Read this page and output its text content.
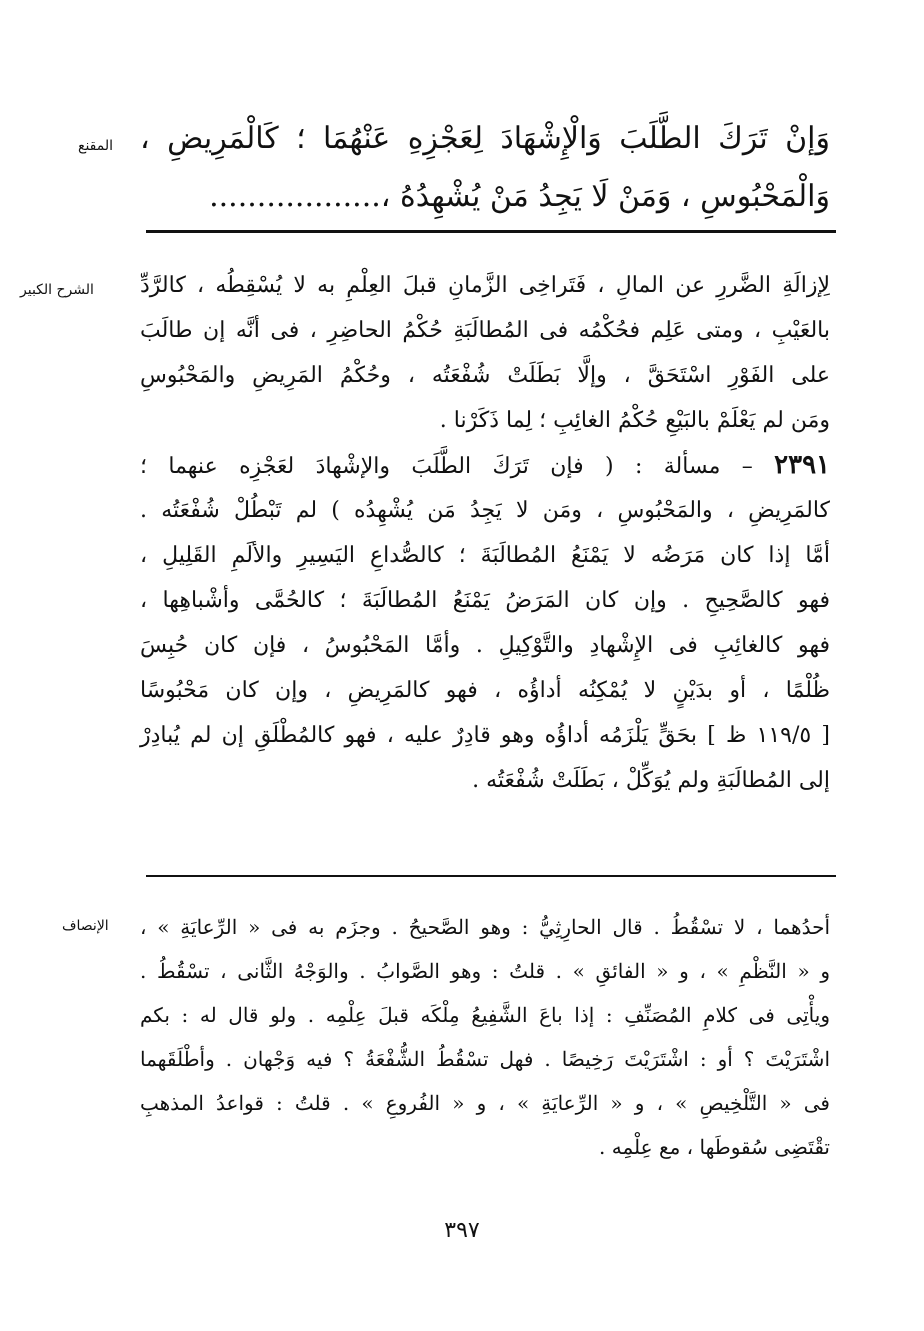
المقنع وَإنْ تَرَكَ الطَّلَبَ وَالْإِشْهَادَ لِعَجْزِهِ عَنْهُمَا ؛ كَالْمَرِيضِ ،
وَالْمَحْبُوسِ ، وَمَنْ لَا يَجِدُ مَنْ يُشْهِدُهُ ،..................
الشرح الكبير لِإزالَةِ الضَّررِ عن المالِ ، فَتَراخِى الزَّمانِ قبلَ العِلْمِ به لا يُسْقِطُه ، كالرَّدِّ
بالعَيْبِ ، ومتى عَلِم فحُكْمُه فى المُطالَبَةِ حُكْمُ الحاضِرِ ، فى أنَّه إن طالَبَ
على الفَوْرِ اسْتَحَقَّ ، وإلَّا بَطَلَتْ شُفْعَتُه ، وحُكْمُ المَرِيضِ والمَحْبُوسِ
ومَن لم يَعْلَمْ بالبَيْعِ حُكْمُ الغائِبِ ؛ لِما ذَكَرْنا .
٢٣٩١ – مسألة : ( فإن تَرَكَ الطَّلَبَ والإشْهادَ لعَجْزِه عنهما ؛
كالمَرِيضِ ، والمَحْبُوسِ ، ومَن لا يَجِدُ مَن يُشْهِدُه ) لم تَبْطُلْ شُفْعَتُه .
أمَّا إذا كان مَرَضُه لا يَمْنَعُ المُطالَبَةَ ؛ كالصُّداعِ اليَسِيرِ والألَمِ القَلِيلِ ،
فهو كالصَّحِيحِ . وإن كان المَرَضُ يَمْنَعُ المُطالَبَةَ ؛ كالحُمَّى وأشْباهِها ،
فهو كالغائِبِ فى الإِشْهادِ والتَّوْكِيلِ . وأمَّا المَحْبُوسُ ، فإن كان حُبِسَ
ظُلْمًا ، أو بدَيْنٍ لا يُمْكِنُه أداؤُه ، فهو كالمَرِيضِ ، وإن كان مَحْبُوسًا
[ ١١٩/٥ ظ ] بحَقٍّ يَلْزَمُه أداؤُه وهو قادِرٌ عليه ، فهو كالمُطْلَقِ إن لم يُبادِرْ
إلى المُطالَبَةِ ولم يُوَكِّلْ ، بَطَلَتْ شُفْعَتُه .
الإنصاف أحدُهما ، لا تسْقُطُ . قال الحارِثِيُّ : وهو الصَّحيحُ . وجزَم به فى « الرِّعايَةِ » ،
و « النَّظْمِ » ، و « الفائقِ » . قلتُ : وهو الصَّوابُ . والوَجْهُ الثَّانى ، تسْقُطُ .
ويأْتِى فى كلامِ المُصَنِّفِ : إذا باعَ الشَّفِيعُ مِلْكَه قبلَ عِلْمِه . ولو قال له : بكم
اشْتَرَيْتَ ؟ أو : اشْتَرَيْتَ رَخِيصًا . فهل تسْقُطُ الشُّفْعَةُ ؟ فيه وَجْهان . وأطْلَقَهما
فى « التَّلْخِيصِ » ، و « الرِّعايَةِ » ، و « الفُروعِ » . قلتُ : قواعدُ المذهبِ
تقْتَضِى سُقوطَها ، مع عِلْمِه .
٣٩٧
